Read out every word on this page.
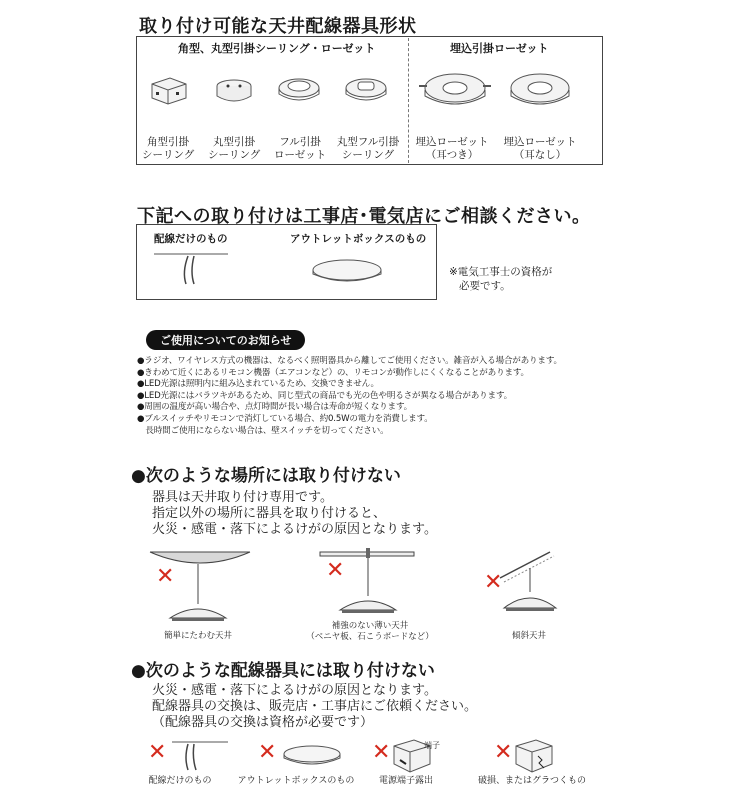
取り付け可能な天井配線器具形状
角型、丸型引掛シーリング・ローゼット	埋込引掛ローゼット
角型引掛
シーリング
丸型引掛
シーリング
フル引掛
ローゼット
丸型フル引掛
シーリング
埋込ローゼット
（耳つき）
埋込ローゼット
（耳なし）
下記への取り付けは工事店･電気店にご相談ください。
配線だけのもの	アウトレットボックスのもの
※電気工事士の資格が
必要です。
ご使用についてのお知らせ
●ラジオ、ワイヤレス方式の機器は、なるべく照明器具から離してご使用ください。雑音が入る場合があります。
●きわめて近くにあるリモコン機器（エアコンなど）の、リモコンが動作しにくくなることがあります。
●LED光源は照明内に組み込まれているため、交換できません。
●LED光源にはバラツキがあるため、同じ型式の商品でも光の色や明るさが異なる場合があります。
●周囲の温度が高い場合や、点灯時間が長い場合は寿命が短くなります。
●ブルスイッチやリモコンで消灯している場合、約0.5Wの電力を消費します。
　長時間ご使用にならない場合は、壁スイッチを切ってください。
●次のような場所には取り付けない
器具は天井取り付け専用です。
指定以外の場所に器具を取り付けると、
火災・感電・落下によるけがの原因となります。
✕
簡単にたわむ天井
✕
補強のない薄い天井
（ベニヤ板、石こうボードなど）
✕
傾斜天井
●次のような配線器具には取り付けない
火災・感電・落下によるけがの原因となります。
配線器具の交換は、販売店・工事店にご依頼ください。
（配線器具の交換は資格が必要です）
✕
配線だけのもの
✕
アウトレットボックスのもの
✕	端子
電源端子露出
✕
破損、またはグラつくもの
